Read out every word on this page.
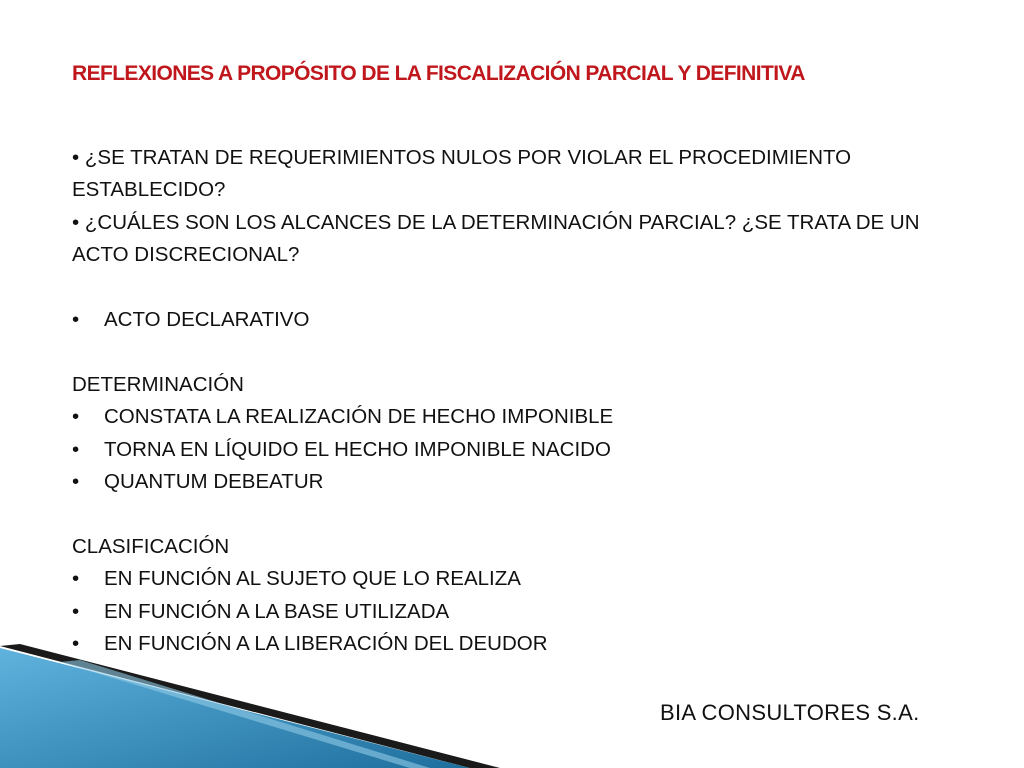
REFLEXIONES A PROPÓSITO DE LA FISCALIZACIÓN PARCIAL Y DEFINITIVA

• ¿SE TRATAN DE REQUERIMIENTOS NULOS POR VIOLAR EL PROCEDIMIENTO ESTABLECIDO?

• ¿CUÁLES SON LOS ALCANCES DE LA DETERMINACIÓN PARCIAL? ¿SE TRATA DE UN ACTO DISCRECIONAL?

•	ACTO DECLARATIVO
DETERMINACIÓN
•	CONSTATA LA REALIZACIÓN DE HECHO IMPONIBLE
•	TORNA EN LÍQUIDO EL HECHO IMPONIBLE NACIDO
•	QUANTUM DEBEATUR
CLASIFICACIÓN
•	EN FUNCIÓN AL SUJETO QUE LO REALIZA
•	EN FUNCIÓN A LA BASE UTILIZADA
•	EN FUNCIÓN A LA LIBERACIÓN DEL DEUDOR
BIA CONSULTORES S.A.
